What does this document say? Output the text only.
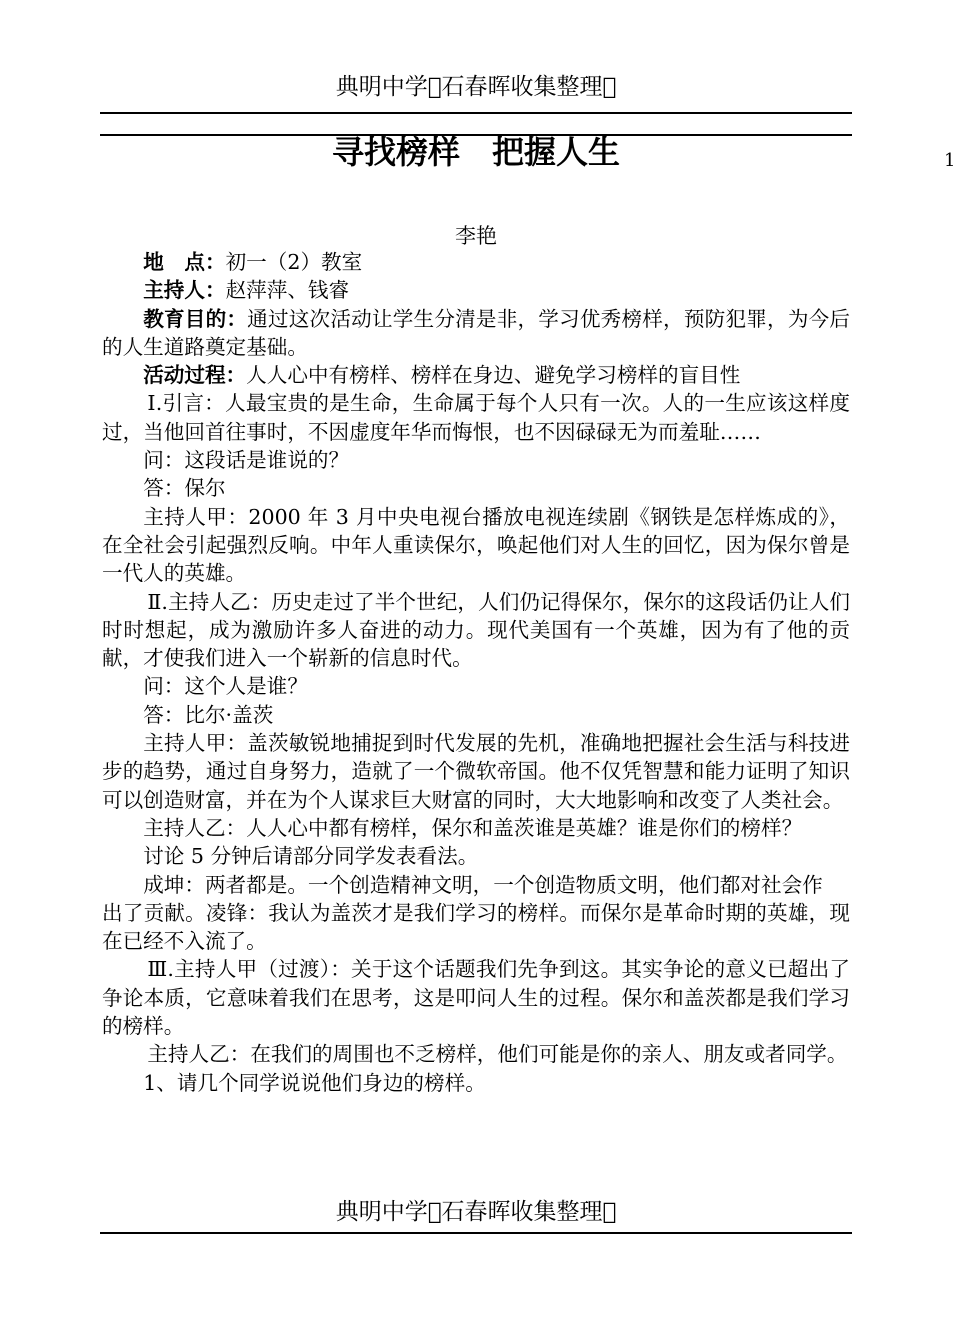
典明中学 石春晖收集整理 
1
寻找榜样　把握人生
李艳

地　点：初一（2）教室

主持人：赵萍萍、钱睿

教育目的：通过这次活动让学生分清是非，学习优秀榜样，预防犯罪，为今后的人生道路奠定基础。

活动过程：人人心中有榜样、榜样在身边、避免学习榜样的盲目性

Ⅰ.引言：人最宝贵的是生命，生命属于每个人只有一次。人的一生应该这样度过，当他回首往事时，不因虚度年华而悔恨，也不因碌碌无为而羞耻……

问：这段话是谁说的？

答：保尔

主持人甲：2000 年 3 月中央电视台播放电视连续剧《钢铁是怎样炼成的》，在全社会引起强烈反响。中年人重读保尔，唤起他们对人生的回忆，因为保尔曾是一代人的英雄。

Ⅱ.主持人乙：历史走过了半个世纪，人们仍记得保尔，保尔的这段话仍让人们时时想起，成为激励许多人奋进的动力。现代美国有一个英雄，因为有了他的贡献，才使我们进入一个崭新的信息时代。

问：这个人是谁？

答：比尔·盖茨

主持人甲：盖茨敏锐地捕捉到时代发展的先机，准确地把握社会生活与科技进步的趋势，通过自身努力，造就了一个微软帝国。他不仅凭智慧和能力证明了知识可以创造财富，并在为个人谋求巨大财富的同时，大大地影响和改变了人类社会。

主持人乙：人人心中都有榜样，保尔和盖茨谁是英雄？谁是你们的榜样？

讨论 5 分钟后请部分同学发表看法。

成坤：两者都是。一个创造精神文明，一个创造物质文明，他们都对社会作

出了贡献。凌锋：我认为盖茨才是我们学习的榜样。而保尔是革命时期的英雄，现在已经不入流了。

Ⅲ.主持人甲（过渡）：关于这个话题我们先争到这。其实争论的意义已超出了争论本质，它意味着我们在思考，这是叩问人生的过程。保尔和盖茨都是我们学习的榜样。

主持人乙：在我们的周围也不乏榜样，他们可能是你的亲人、朋友或者同学。

1、请几个同学说说他们身边的榜样。

典明中学 石春晖收集整理 
